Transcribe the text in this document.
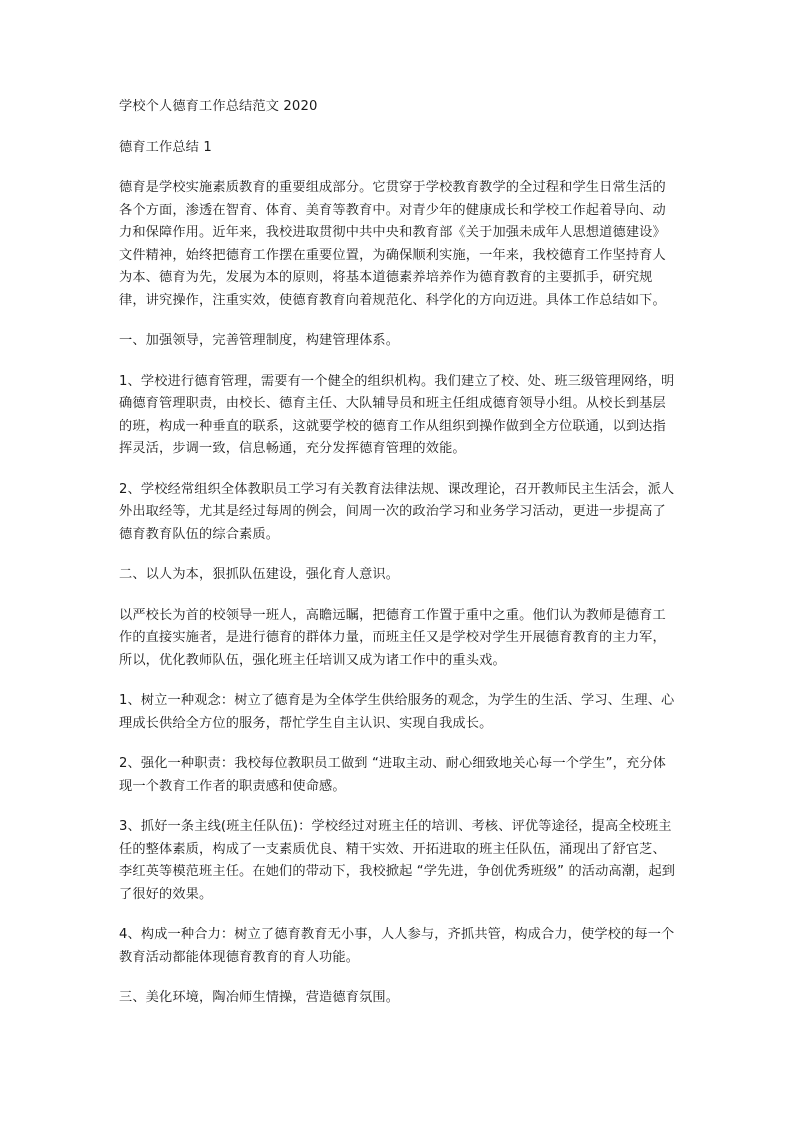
学校个人德育工作总结范文 2020

德育工作总结 1

德育是学校实施素质教育的重要组成部分。它贯穿于学校教育教学的全过程和学生日常生活的各个方面，渗透在智育、体育、美育等教育中。对青少年的健康成长和学校工作起着导向、动力和保障作用。近年来，我校进取贯彻中共中央和教育部《关于加强未成年人思想道德建设》文件精神，始终把德育工作摆在重要位置，为确保顺利实施，一年来，我校德育工作坚持育人为本、德育为先，发展为本的原则，将基本道德素养培养作为德育教育的主要抓手，研究规律，讲究操作，注重实效，使德育教育向着规范化、科学化的方向迈进。具体工作总结如下。

一、加强领导，完善管理制度，构建管理体系。

1、学校进行德育管理，需要有一个健全的组织机构。我们建立了校、处、班三级管理网络，明确德育管理职责，由校长、德育主任、大队辅导员和班主任组成德育领导小组。从校长到基层的班，构成一种垂直的联系，这就要学校的德育工作从组织到操作做到全方位联通，以到达指挥灵活，步调一致，信息畅通，充分发挥德育管理的效能。

2、学校经常组织全体教职员工学习有关教育法律法规、课改理论，召开教师民主生活会，派人外出取经等，尤其是经过每周的例会，间周一次的政治学习和业务学习活动，更进一步提高了德育教育队伍的综合素质。

二、以人为本，狠抓队伍建设，强化育人意识。

以严校长为首的校领导一班人，高瞻远瞩，把德育工作置于重中之重。他们认为教师是德育工作的直接实施者，是进行德育的群体力量，而班主任又是学校对学生开展德育教育的主力军，所以，优化教师队伍，强化班主任培训又成为诸工作中的重头戏。

1、树立一种观念：树立了德育是为全体学生供给服务的观念，为学生的生活、学习、生理、心理成长供给全方位的服务，帮忙学生自主认识、实现自我成长。

2、强化一种职责：我校每位教职员工做到 “进取主动、耐心细致地关心每一个学生”，充分体现一个教育工作者的职责感和使命感。

3、抓好一条主线(班主任队伍)：学校经过对班主任的培训、考核、评优等途径，提高全校班主任的整体素质，构成了一支素质优良、精干实效、开拓进取的班主任队伍，涌现出了舒官芝、李红英等模范班主任。在她们的带动下，我校掀起 “学先进，争创优秀班级” 的活动高潮，起到了很好的效果。

4、构成一种合力：树立了德育教育无小事，人人参与，齐抓共管，构成合力，使学校的每一个教育活动都能体现德育教育的育人功能。

三、美化环境，陶冶师生情操，营造德育氛围。
